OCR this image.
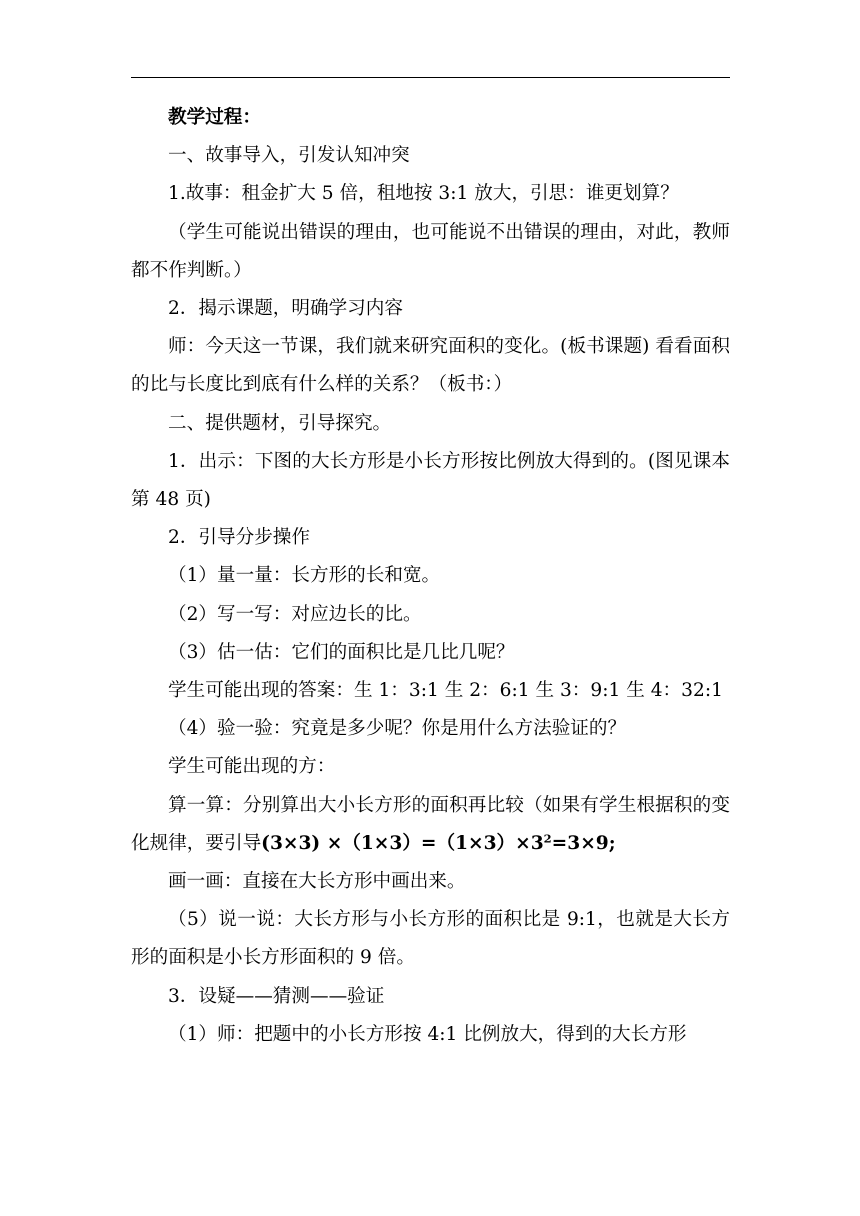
教学过程：

一、故事导入，引发认知冲突

1.故事：租金扩大 5 倍，租地按 3:1 放大，引思：谁更划算？

（学生可能说出错误的理由，也可能说不出错误的理由，对此，教师都不作判断。）

2．揭示课题，明确学习内容

师：今天这一节课，我们就来研究面积的变化。(板书课题) 看看面积的比与长度比到底有什么样的关系？（板书：）

二、提供题材，引导探究。

1．出示：下图的大长方形是小长方形按比例放大得到的。(图见课本第 48 页)

2．引导分步操作

（1）量一量：长方形的长和宽。

（2）写一写：对应边长的比。

（3）估一估：它们的面积比是几比几呢？

学生可能出现的答案：生 1：3:1 生 2：6:1 生 3：9:1 生 4：32:1

（4）验一验：究竟是多少呢？你是用什么方法验证的？

学生可能出现的方：

算一算：分别算出大小长方形的面积再比较（如果有学生根据积的变化规律，要引导$(3\times 3) \times(1\times 3)=(1\times 3)\times 3^2=3\times 9$;

画一画：直接在大长方形中画出来。

（5）说一说：大长方形与小长方形的面积比是 9:1，也就是大长方形的面积是小长方形面积的 9 倍。

3．设疑——猜测——验证

（1）师：把题中的小长方形按 4:1 比例放大，得到的大长方形
